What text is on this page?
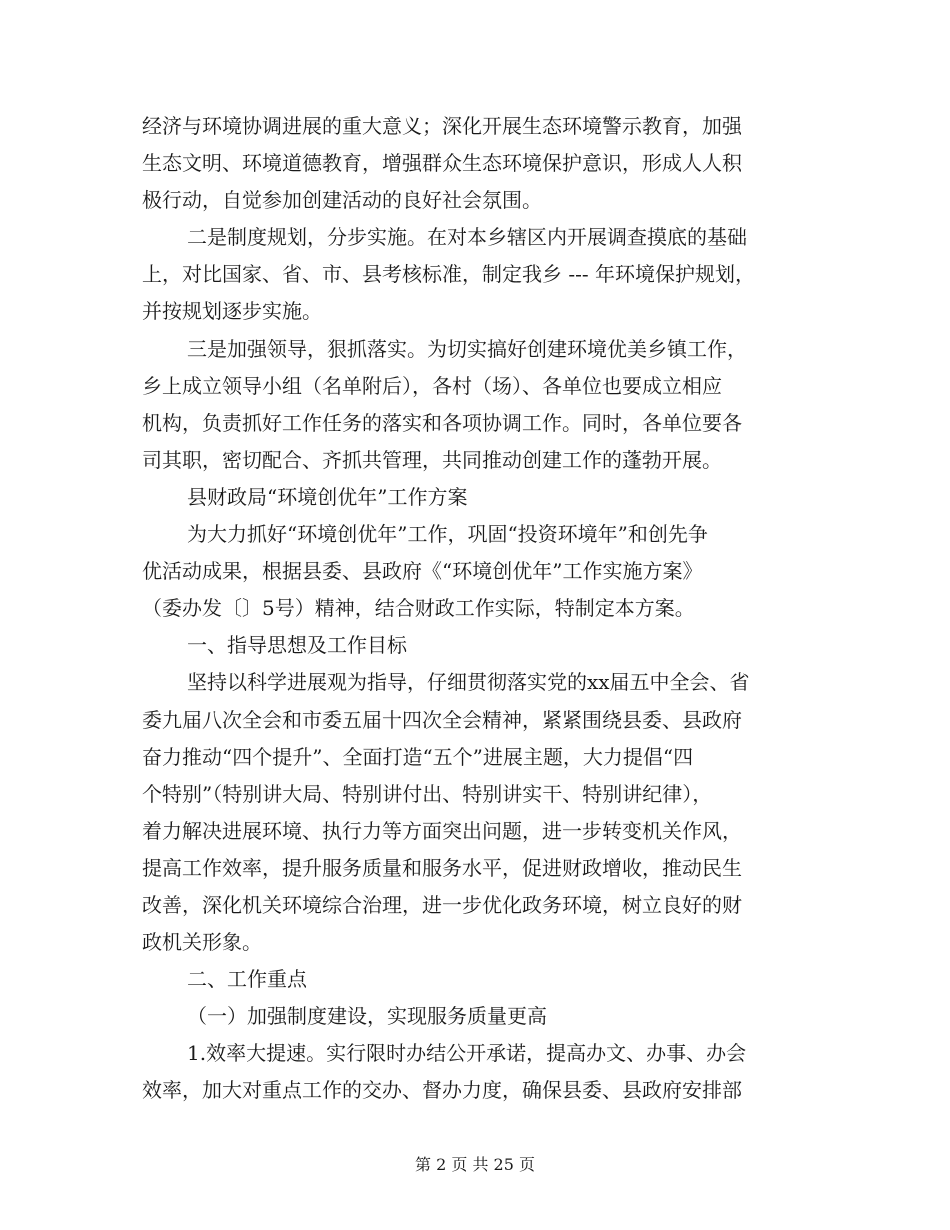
经济与环境协调进展的重大意义；深化开展生态环境警示教育，加强
生态文明、环境道德教育，增强群众生态环境保护意识，形成人人积
极行动，自觉参加创建活动的良好社会氛围。
二是制度规划，分步实施。在对本乡辖区内开展调查摸底的基础
上，对比国家、省、市、县考核标准，制定我乡 --- 年环境保护规划，
并按规划逐步实施。
三是加强领导，狠抓落实。为切实搞好创建环境优美乡镇工作，
乡上成立领导小组（名单附后），各村（场）、各单位也要成立相应
机构，负责抓好工作任务的落实和各项协调工作。同时，各单位要各
司其职，密切配合、齐抓共管理，共同推动创建工作的蓬勃开展。
县财政局“环境创优年”工作方案
为大力抓好“环境创优年”工作，巩固“投资环境年”和创先争
优活动成果，根据县委、县政府《“环境创优年”工作实施方案》
（委办发〔〕5号）精神，结合财政工作实际，特制定本方案。
一、指导思想及工作目标
坚持以科学进展观为指导，仔细贯彻落实党的xx届五中全会、省
委九届八次全会和市委五届十四次全会精神，紧紧围绕县委、县政府
奋力推动“四个提升”、全面打造“五个”进展主题，大力提倡“四
个特别”（特别讲大局、特别讲付出、特别讲实干、特别讲纪律），
着力解决进展环境、执行力等方面突出问题，进一步转变机关作风，
提高工作效率，提升服务质量和服务水平，促进财政增收，推动民生
改善，深化机关环境综合治理，进一步优化政务环境，树立良好的财
政机关形象。
二、工作重点
（一）加强制度建设，实现服务质量更高
1.效率大提速。实行限时办结公开承诺，提高办文、办事、办会
效率，加大对重点工作的交办、督办力度，确保县委、县政府安排部
第 2 页 共 25 页
